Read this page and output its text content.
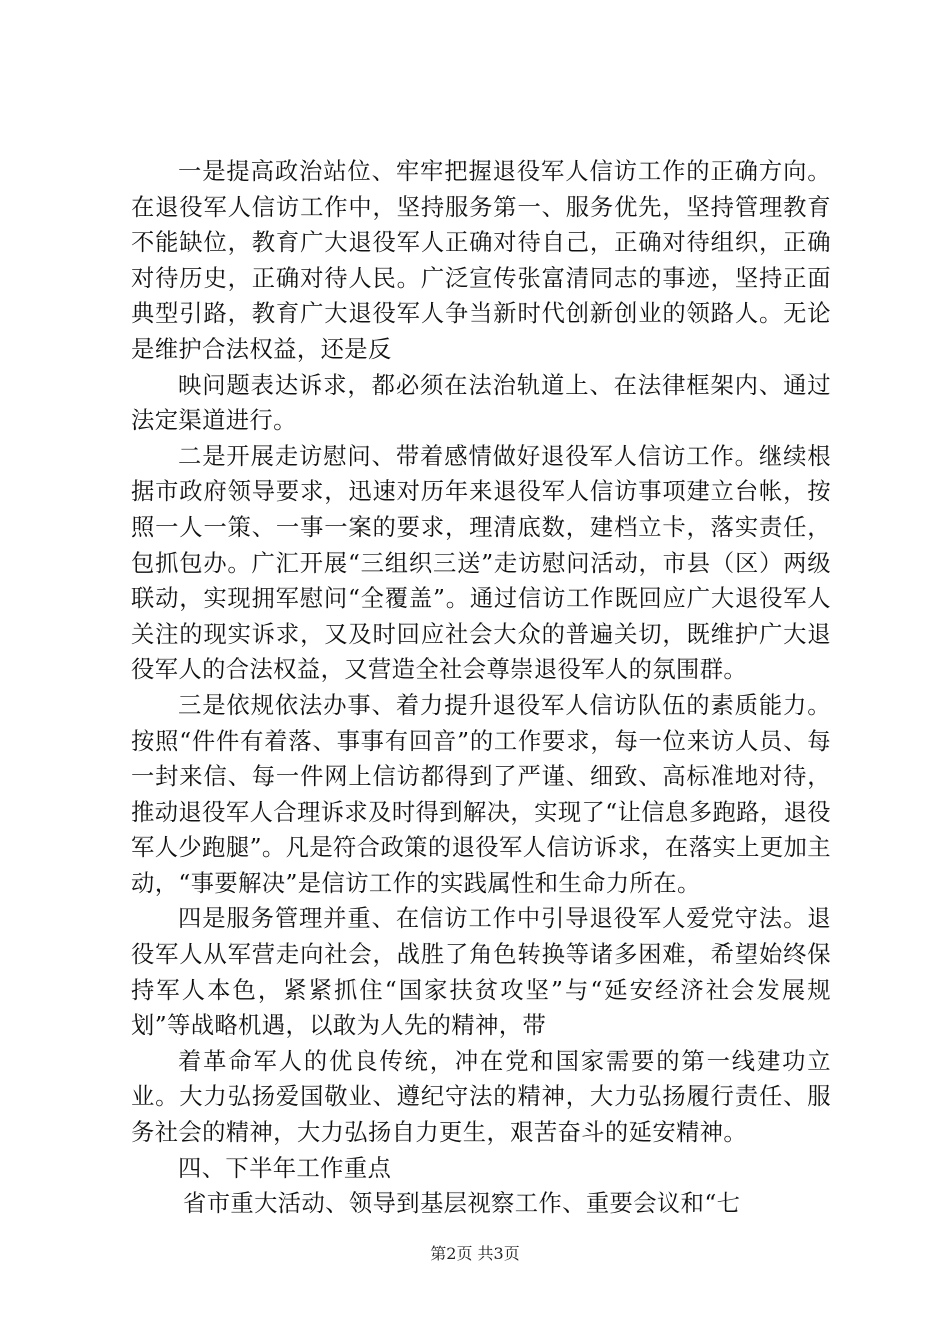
一是提高政治站位、牢牢把握退役军人信访工作的正确方向。在退役军人信访工作中，坚持服务第一、服务优先，坚持管理教育不能缺位，教育广大退役军人正确对待自己，正确对待组织，正确对待历史，正确对待人民。广泛宣传张富清同志的事迹，坚持正面典型引路，教育广大退役军人争当新时代创新创业的领路人。无论是维护合法权益，还是反

映问题表达诉求，都必须在法治轨道上、在法律框架内、通过法定渠道进行。

二是开展走访慰问、带着感情做好退役军人信访工作。继续根据市政府领导要求，迅速对历年来退役军人信访事项建立台帐，按照一人一策、一事一案的要求，理清底数，建档立卡，落实责任，包抓包办。广汇开展“三组织三送”走访慰问活动，市县（区）两级联动，实现拥军慰问“全覆盖”。通过信访工作既回应广大退役军人关注的现实诉求，又及时回应社会大众的普遍关切，既维护广大退役军人的合法权益，又营造全社会尊崇退役军人的氛围群。

三是依规依法办事、着力提升退役军人信访队伍的素质能力。按照“件件有着落、事事有回音”的工作要求，每一位来访人员、每一封来信、每一件网上信访都得到了严谨、细致、高标准地对待，推动退役军人合理诉求及时得到解决，实现了“让信息多跑路，退役军人少跑腿”。凡是符合政策的退役军人信访诉求，在落实上更加主动，“事要解决”是信访工作的实践属性和生命力所在。

四是服务管理并重、在信访工作中引导退役军人爱党守法。退役军人从军营走向社会，战胜了角色转换等诸多困难，希望始终保持军人本色，紧紧抓住“国家扶贫攻坚”与“延安经济社会发展规划”等战略机遇，以敢为人先的精神，带

着革命军人的优良传统，冲在党和国家需要的第一线建功立业。大力弘扬爱国敬业、遵纪守法的精神，大力弘扬履行责任、服务社会的精神，大力弘扬自力更生，艰苦奋斗的延安精神。

四、下半年工作重点

省市重大活动、领导到基层视察工作、重要会议和“七

第2页 共3页
